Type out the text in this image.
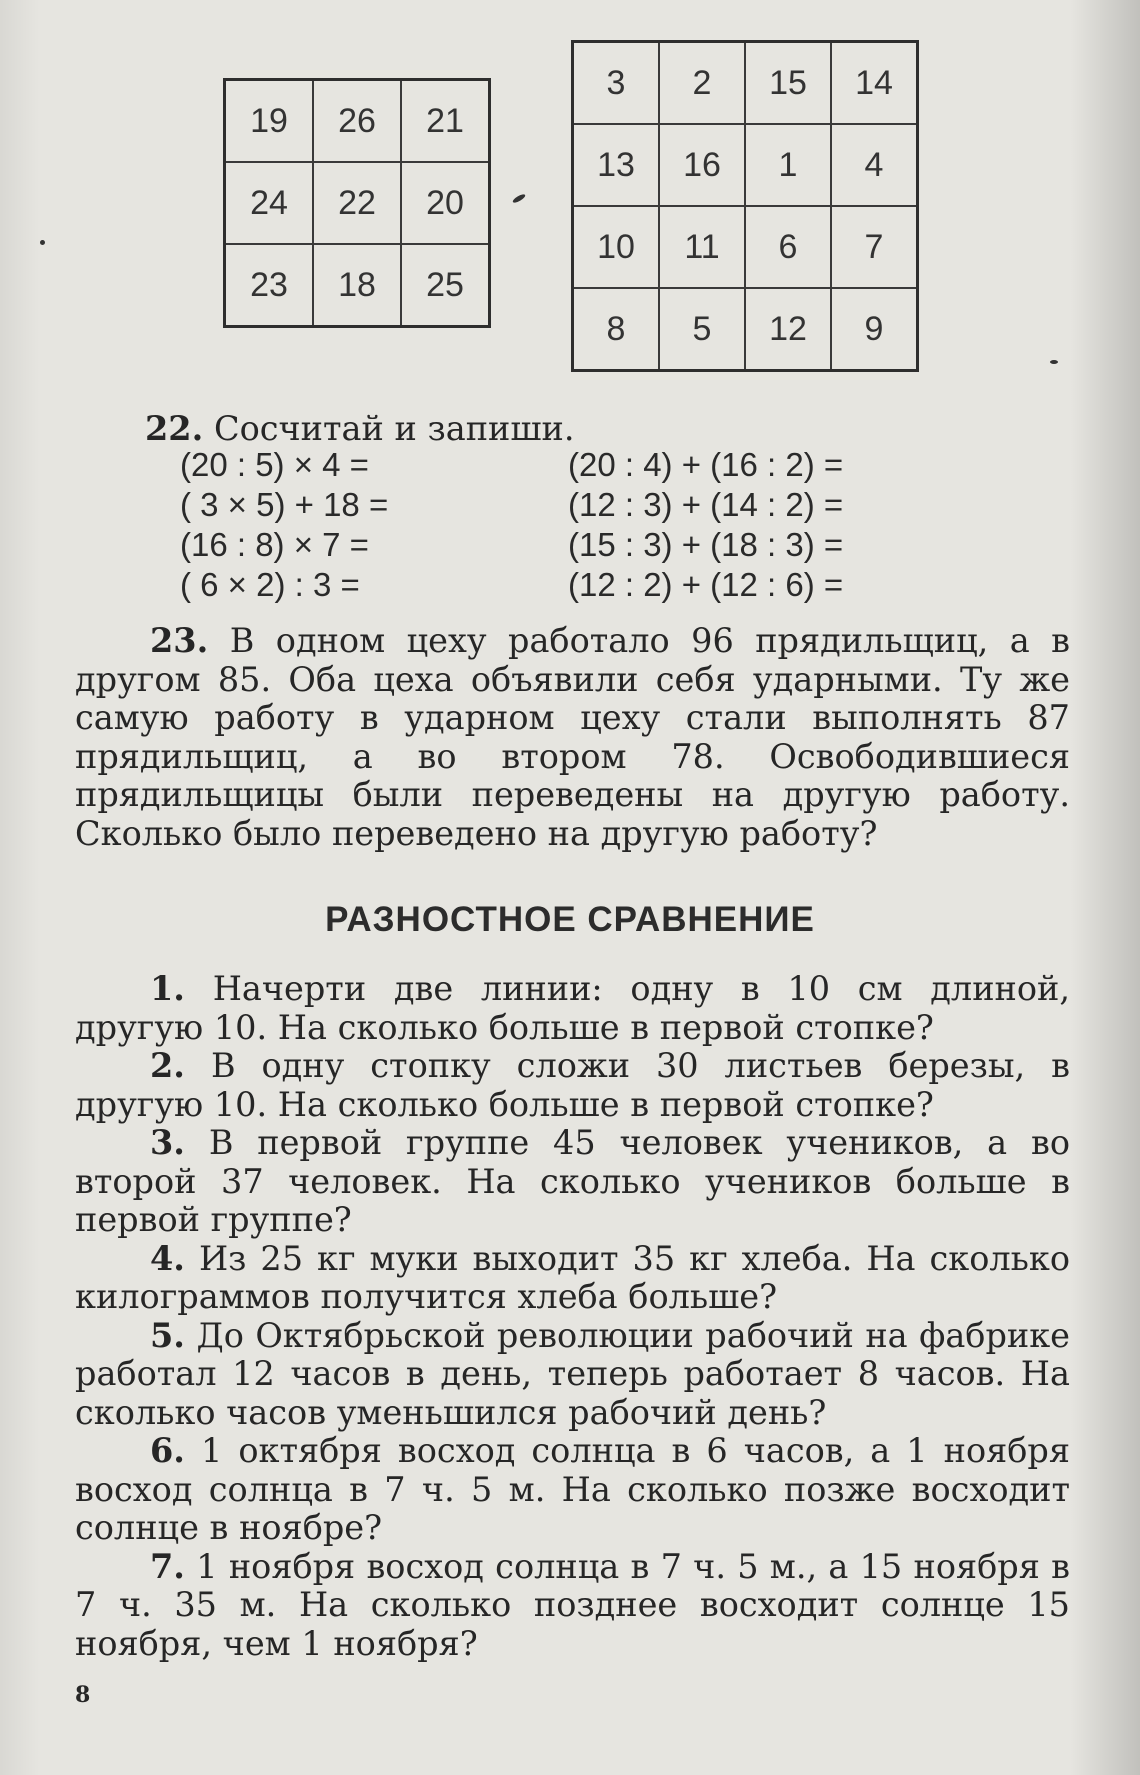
19	26	21
24	22	20
23	18	25
3	2	15	14
13	16	1	4
10	11	6	7
8	5	12	9

22. Сосчитай и запиши.

(20 : 5) × 4 =
( 3 × 5) + 18 =
(16 : 8) × 7 =
( 6 × 2) : 3 =
(20 : 4) + (16 : 2) =
(12 : 3) + (14 : 2) =
(15 : 3) + (18 : 3) =
(12 : 2) + (12 : 6) =

23. В одном цеху работало 96 прядильщиц, а в другом 85. Оба цеха объявили себя ударными. Ту же самую работу в ударном цеху стали выполнять 87 прядильщиц, а во втором 78. Освободившиеся прядильщицы были переведены на другую работу. Сколько было переведено на другую работу?

РАЗНОСТНОЕ СРАВНЕНИЕ

1. Начерти две линии: одну в 10 см длиной, другую 10. На сколько больше в первой стопке?

2. В одну стопку сложи 30 листьев березы, в другую 10. На сколько больше в первой стопке?

3. В первой группе 45 человек учеников, а во второй 37 человек. На сколько учеников больше в первой группе?

4. Из 25 кг муки выходит 35 кг хлеба. На сколько килограммов получится хлеба больше?

5. До Октябрьской революции рабочий на фабрике работал 12 часов в день, теперь работает 8 часов. На сколько часов уменьшился рабочий день?

6. 1 октября восход солнца в 6 часов, а 1 ноября восход солнца в 7 ч. 5 м. На сколько позже восходит солнце в ноябре?

7. 1 ноября восход солнца в 7 ч. 5 м., а 15 ноября в 7 ч. 35 м. На сколько позднее восходит солнце 15 ноября, чем 1 ноября?

8
